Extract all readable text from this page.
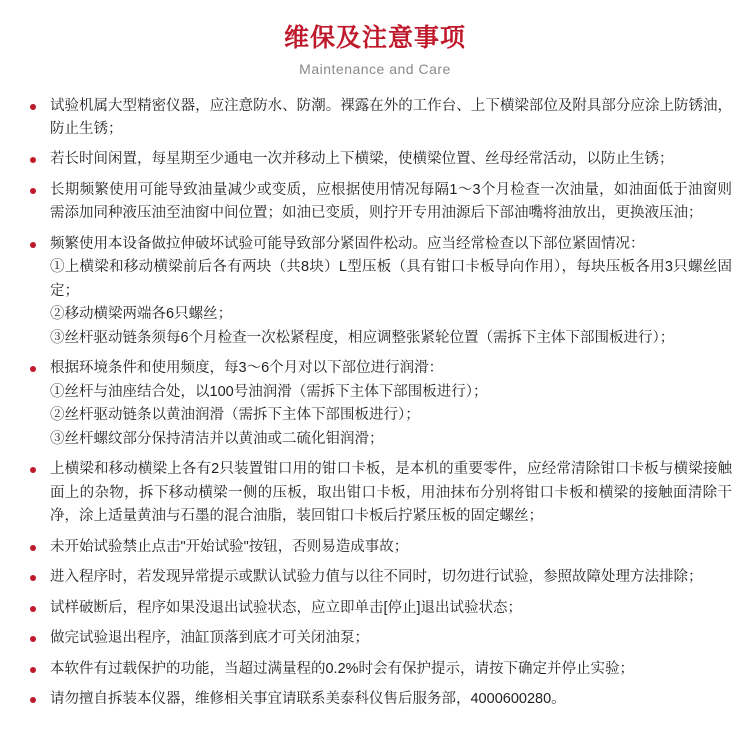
维保及注意事项
Maintenance and Care
试验机属大型精密仪器，应注意防水、防潮。裸露在外的工作台、上下横梁部位及附具部分应涂上防锈油，防止生锈；
若长时间闲置，每星期至少通电一次并移动上下横梁，使横梁位置、丝母经常活动，以防止生锈；
长期频繁使用可能导致油量减少或变质，应根据使用情况每隔1～3个月检查一次油量，如油面低于油窗则需添加同种液压油至油窗中间位置；如油已变质，则拧开专用油源后下部油嘴将油放出，更换液压油；
频繁使用本设备做拉伸破坏试验可能导致部分紧固件松动。应当经常检查以下部位紧固情况：
①上横梁和移动横梁前后各有两块（共8块）L型压板（具有钳口卡板导向作用），每块压板各用3只螺丝固定；
②移动横梁两端各6只螺丝；
③丝杆驱动链条须每6个月检查一次松紧程度，相应调整张紧轮位置（需拆下主体下部围板进行）；
根据环境条件和使用频度，每3～6个月对以下部位进行润滑：
①丝杆与油座结合处，以100号油润滑（需拆下主体下部围板进行）；
②丝杆驱动链条以黄油润滑（需拆下主体下部围板进行）；
③丝杆螺纹部分保持清洁并以黄油或二硫化钼润滑；
上横梁和移动横梁上各有2只装置钳口用的钳口卡板，是本机的重要零件，应经常清除钳口卡板与横梁接触面上的杂物，拆下移动横梁一侧的压板，取出钳口卡板，用油抹布分别将钳口卡板和横梁的接触面清除干净，涂上适量黄油与石墨的混合油脂，装回钳口卡板后拧紧压板的固定螺丝；
未开始试验禁止点击"开始试验"按钮，否则易造成事故；
进入程序时，若发现异常提示或默认试验力值与以往不同时，切勿进行试验，参照故障处理方法排除；
试样破断后，程序如果没退出试验状态，应立即单击[停止]退出试验状态；
做完试验退出程序，油缸顶落到底才可关闭油泵；
本软件有过载保护的功能，当超过满量程的0.2%时会有保护提示，请按下确定并停止实验；
请勿擅自拆装本仪器，维修相关事宜请联系美泰科仪售后服务部，4000600280。
